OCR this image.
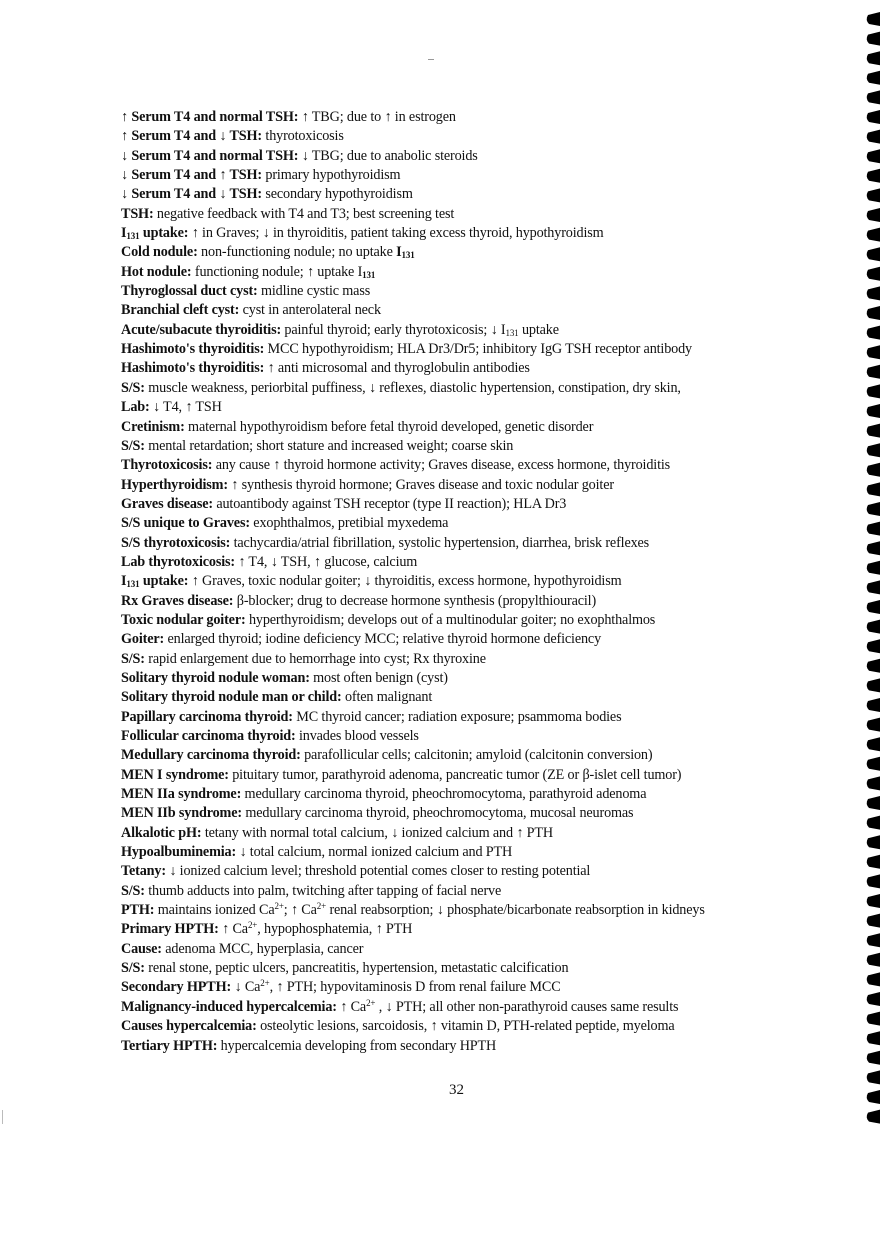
↑ Serum T4 and normal TSH: ↑ TBG; due to ↑ in estrogen
↑ Serum T4 and ↓ TSH: thyrotoxicosis
↓ Serum T4 and normal TSH: ↓ TBG; due to anabolic steroids
↓ Serum T4 and ↑ TSH: primary hypothyroidism
↓ Serum T4 and ↓ TSH: secondary hypothyroidism
TSH: negative feedback with T4 and T3; best screening test
$I_{131}$ uptake: ↑ in Graves; ↓ in thyroiditis, patient taking excess thyroid, hypothyroidism
Cold nodule: non-functioning nodule; no uptake $I_{131}$
Hot nodule: functioning nodule; ↑ uptake $I_{131}$
Thyroglossal duct cyst: midline cystic mass
Branchial cleft cyst: cyst in anterolateral neck
Acute/subacute thyroiditis: painful thyroid; early thyrotoxicosis; ↓ $I_{131}$ uptake
Hashimoto's thyroiditis: MCC hypothyroidism; HLA Dr3/Dr5; inhibitory IgG TSH receptor antibody
Hashimoto's thyroiditis: ↑ anti microsomal and thyroglobulin antibodies
S/S: muscle weakness, periorbital puffiness, ↓ reflexes, diastolic hypertension, constipation, dry skin,
Lab: ↓ T4, ↑ TSH
Cretinism: maternal hypothyroidism before fetal thyroid developed, genetic disorder
S/S: mental retardation; short stature and increased weight; coarse skin
Thyrotoxicosis: any cause ↑ thyroid hormone activity; Graves disease, excess hormone, thyroiditis
Hyperthyroidism: ↑ synthesis thyroid hormone; Graves disease and toxic nodular goiter
Graves disease: autoantibody against TSH receptor (type II reaction); HLA Dr3
S/S unique to Graves: exophthalmos, pretibial myxedema
S/S thyrotoxicosis: tachycardia/atrial fibrillation, systolic hypertension, diarrhea, brisk reflexes
Lab thyrotoxicosis: ↑ T4, ↓ TSH, ↑ glucose, calcium
$I_{131}$ uptake: ↑ Graves, toxic nodular goiter; ↓ thyroiditis, excess hormone, hypothyroidism
Rx Graves disease: β-blocker; drug to decrease hormone synthesis (propylthiouracil)
Toxic nodular goiter: hyperthyroidism; develops out of a multinodular goiter; no exophthalmos
Goiter: enlarged thyroid; iodine deficiency MCC; relative thyroid hormone deficiency
S/S: rapid enlargement due to hemorrhage into cyst; Rx thyroxine
Solitary thyroid nodule woman: most often benign (cyst)
Solitary thyroid nodule man or child: often malignant
Papillary carcinoma thyroid: MC thyroid cancer; radiation exposure; psammoma bodies
Follicular carcinoma thyroid: invades blood vessels
Medullary carcinoma thyroid: parafollicular cells; calcitonin; amyloid (calcitonin conversion)
MEN I syndrome: pituitary tumor, parathyroid adenoma, pancreatic tumor (ZE or β-islet cell tumor)
MEN IIa syndrome: medullary carcinoma thyroid, pheochromocytoma, parathyroid adenoma
MEN IIb syndrome: medullary carcinoma thyroid, pheochromocytoma, mucosal neuromas
Alkalotic pH: tetany with normal total calcium, ↓ ionized calcium and ↑ PTH
Hypoalbuminemia: ↓ total calcium, normal ionized calcium and PTH
Tetany: ↓ ionized calcium level; threshold potential comes closer to resting potential
S/S: thumb adducts into palm, twitching after tapping of facial nerve
PTH: maintains ionized $Ca^{2+}$; ↑ $Ca^{2+}$ renal reabsorption; ↓ phosphate/bicarbonate reabsorption in kidneys
Primary HPTH: ↑ $Ca^{2+}$, hypophosphatemia, ↑ PTH
Cause: adenoma MCC, hyperplasia, cancer
S/S: renal stone, peptic ulcers, pancreatitis, hypertension, metastatic calcification
Secondary HPTH: ↓ $Ca^{2+}$, ↑ PTH; hypovitaminosis D from renal failure MCC
Malignancy-induced hypercalcemia: ↑ $Ca^{2+}$ , ↓ PTH; all other non-parathyroid causes same results
Causes hypercalcemia: osteolytic lesions, sarcoidosis, ↑ vitamin D, PTH-related peptide, myeloma
Tertiary HPTH: hypercalcemia developing from secondary HPTH
32
